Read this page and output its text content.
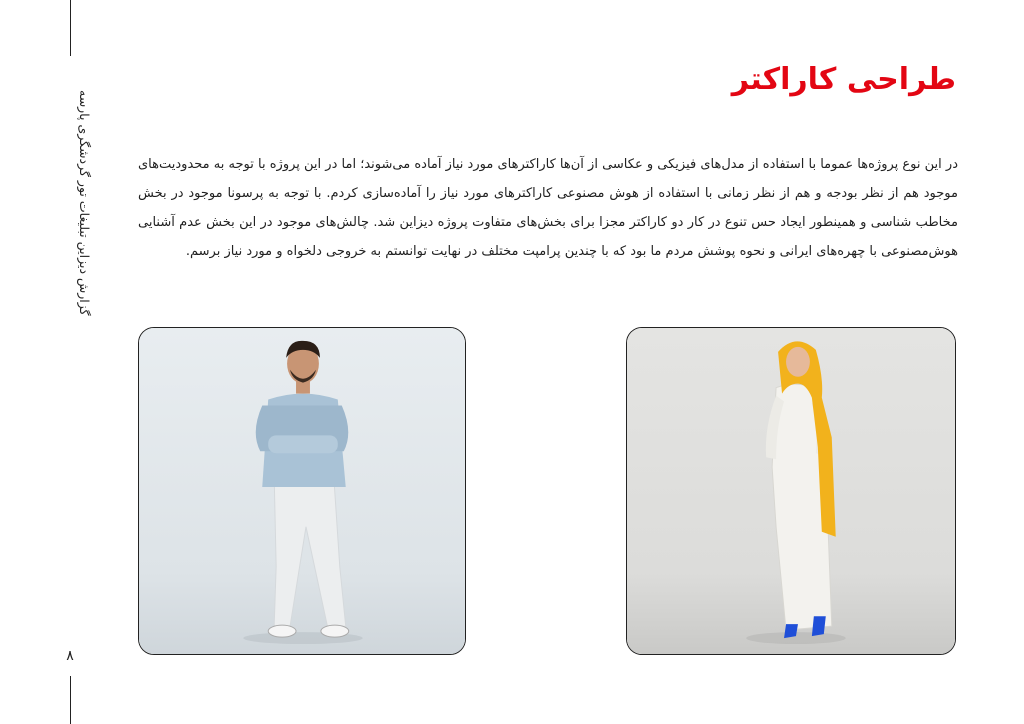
گزارش دیزاین تبلیغات تور گردشگری پارسه
۸
طراحی کاراکتر

در این نوع پروژه‌ها عموما با استفاده از مدل‌های فیزیکی و عکاسی از آن‌ها کاراکترهای مورد نیاز آماده می‌شوند؛ اما در این پروژه با توجه به محدودیت‌های موجود هم از نظر بودجه و هم از نظر زمانی با استفاده از هوش مصنوعی کاراکترهای مورد نیاز را آماده‌سازی کردم. با توجه به پرسونا موجود در بخش مخاطب شناسی و همینطور ایجاد حس تنوع در کار دو کاراکتر مجزا برای بخش‌های متفاوت پروژه دیزاین شد. چالش‌های موجود در این بخش عدم آشنایی هوش‌مصنوعی با چهره‌های ایرانی و نحوه پوشش مردم ما بود که با چندین پرامپت مختلف در نهایت توانستم به خروجی دلخواه و مورد نیاز برسم.
